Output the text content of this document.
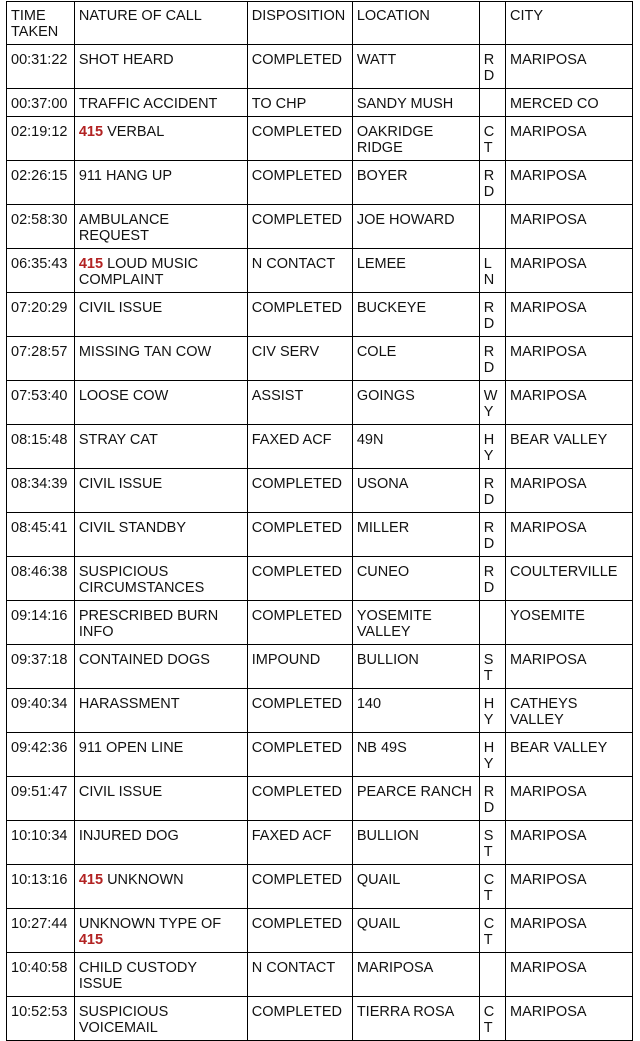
TIME TAKEN	NATURE OF CALL	DISPOSITION	LOCATION		CITY
00:31:22	SHOT HEARD	COMPLETED	WATT	RD	MARIPOSA
00:37:00	TRAFFIC ACCIDENT	TO CHP	SANDY MUSH		MERCED CO
02:19:12	415 VERBAL	COMPLETED	OAKRIDGE RIDGE	CT	MARIPOSA
02:26:15	911 HANG UP	COMPLETED	BOYER	RD	MARIPOSA
02:58:30	AMBULANCE REQUEST	COMPLETED	JOE HOWARD		MARIPOSA
06:35:43	415 LOUD MUSIC COMPLAINT	N CONTACT	LEMEE	LN	MARIPOSA
07:20:29	CIVIL ISSUE	COMPLETED	BUCKEYE	RD	MARIPOSA
07:28:57	MISSING TAN COW	CIV SERV	COLE	RD	MARIPOSA
07:53:40	LOOSE COW	ASSIST	GOINGS	WY	MARIPOSA
08:15:48	STRAY CAT	FAXED ACF	49N	HY	BEAR VALLEY
08:34:39	CIVIL ISSUE	COMPLETED	USONA	RD	MARIPOSA
08:45:41	CIVIL STANDBY	COMPLETED	MILLER	RD	MARIPOSA
08:46:38	SUSPICIOUS CIRCUMSTANCES	COMPLETED	CUNEO	RD	COULTERVILLE
09:14:16	PRESCRIBED BURN INFO	COMPLETED	YOSEMITE VALLEY		YOSEMITE
09:37:18	CONTAINED DOGS	IMPOUND	BULLION	ST	MARIPOSA
09:40:34	HARASSMENT	COMPLETED	140	HY	CATHEYS VALLEY
09:42:36	911 OPEN LINE	COMPLETED	NB 49S	HY	BEAR VALLEY
09:51:47	CIVIL ISSUE	COMPLETED	PEARCE RANCH	RD	MARIPOSA
10:10:34	INJURED DOG	FAXED ACF	BULLION	ST	MARIPOSA
10:13:16	415 UNKNOWN	COMPLETED	QUAIL	CT	MARIPOSA
10:27:44	UNKNOWN TYPE OF 415	COMPLETED	QUAIL	CT	MARIPOSA
10:40:58	CHILD CUSTODY ISSUE	N CONTACT	MARIPOSA		MARIPOSA
10:52:53	SUSPICIOUS VOICEMAIL	COMPLETED	TIERRA ROSA	CT	MARIPOSA
